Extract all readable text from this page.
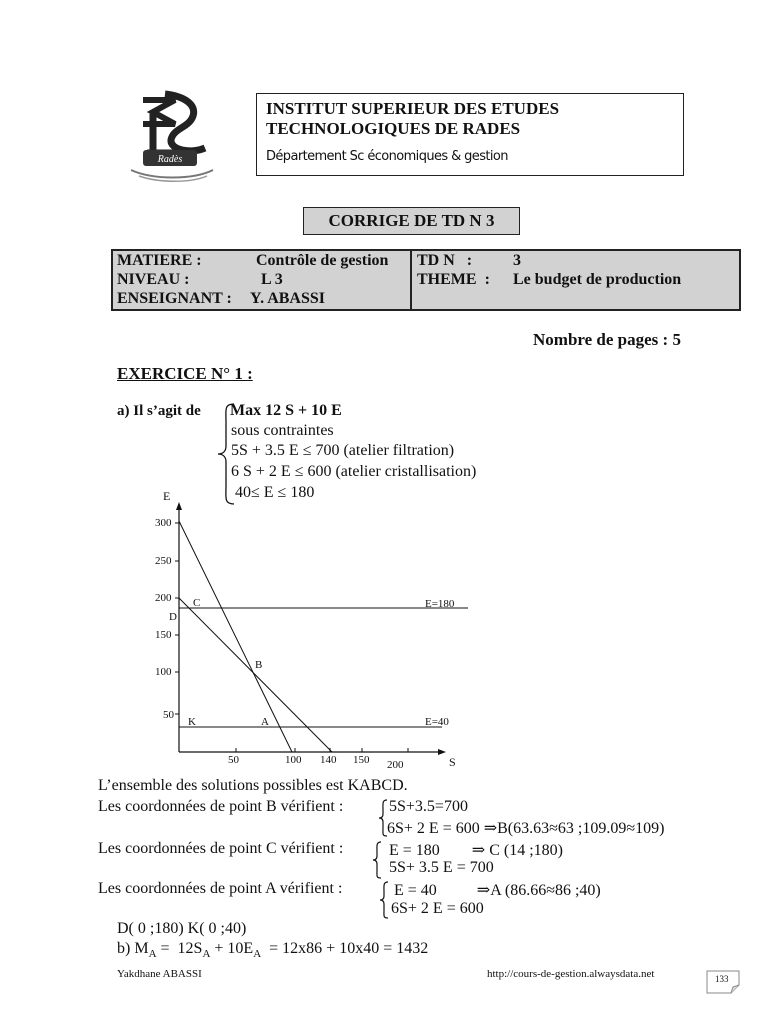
Radès
INSTITUT SUPERIEUR DES ETUDES
TECHNOLOGIQUES DE RADES
Département Sc économiques & gestion
CORRIGE DE TD N 3
MATIERE :	Contrôle de gestion
NIVEAU :	L 3
ENSEIGNANT : Y. ABASSI
TD N   :	3
THEME  : Le budget de production
Nombre de pages : 5
EXERCICE N° 1 :
a) Il s’agit de Max 12 S + 10 E
sous contraintes
5S + 3.5 E ≤ 700 (atelier filtration)
6 S + 2 E ≤ 600 (atelier cristallisation)
40≤ E ≤ 180
E
S
300
250
200
150
100
50
50	100 140 150 200
C
D
B
K	A
E=180
E=40
L’ensemble des solutions possibles est KABCD.
Les coordonnées de point B vérifient :	5S+3.5=700
6S+ 2 E = 600 ⇒B(63.63≈63 ;109.09≈109)
Les coordonnées de point C vérifient :	E = 180        ⇒ C (14 ;180)
5S+ 3.5 E = 700
Les coordonnées de point A vérifient :	E = 40          ⇒A (86.66≈86 ;40)
6S+ 2 E = 600
D( 0 ;180) K( 0 ;40)
b) $M_A = 12S_A + 10E_A = 12x86 + 10x40 = 1432$
Yakdhane ABASSI	http://cours-de-gestion.alwaysdata.net	133
